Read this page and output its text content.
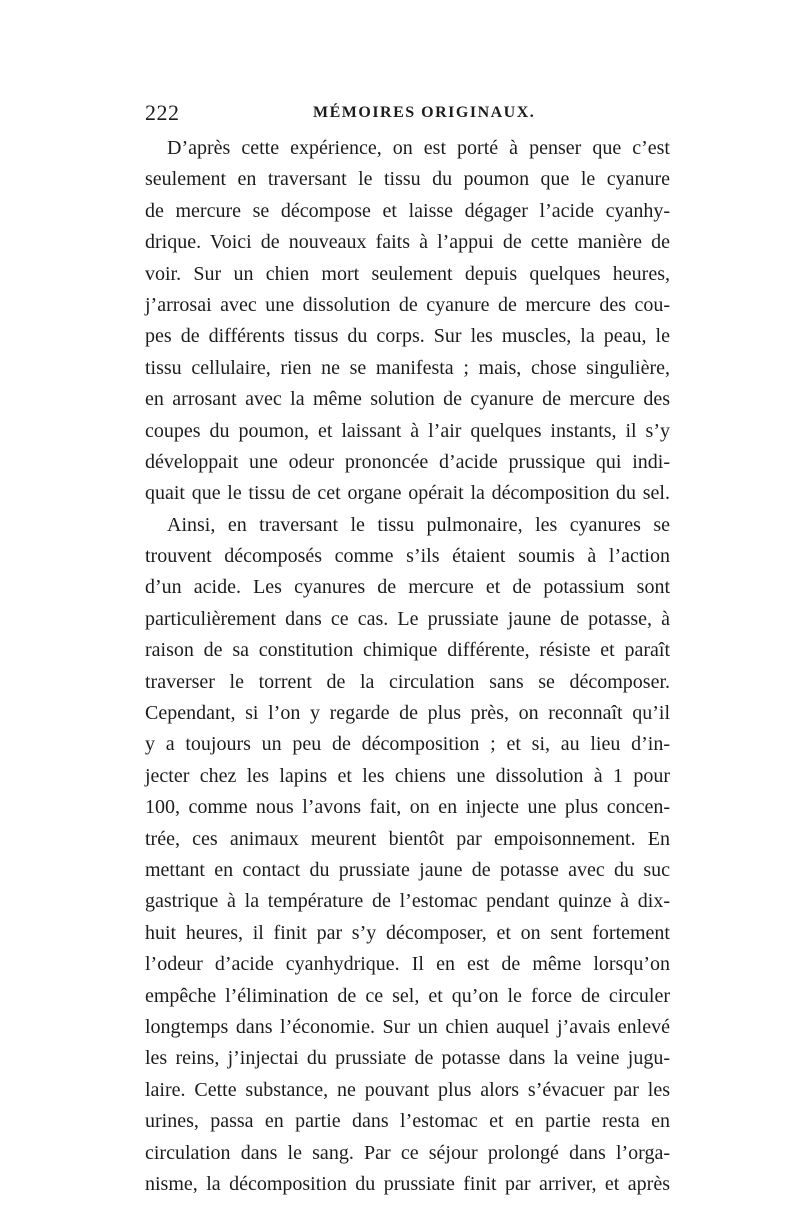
222	MÉMOIRES ORIGINAUX.
D’après cette expérience, on est porté à penser que c’est
seulement en traversant le tissu du poumon que le cyanure
de mercure se décompose et laisse dégager l’acide cyanhy-
drique. Voici de nouveaux faits à l’appui de cette manière de
voir. Sur un chien mort seulement depuis quelques heures,
j’arrosai avec une dissolution de cyanure de mercure des cou-
pes de différents tissus du corps. Sur les muscles, la peau, le
tissu cellulaire, rien ne se manifesta ; mais, chose singulière,
en arrosant avec la même solution de cyanure de mercure des
coupes du poumon, et laissant à l’air quelques instants, il s’y
développait une odeur prononcée d’acide prussique qui indi-
quait que le tissu de cet organe opérait la décomposition du sel.
Ainsi, en traversant le tissu pulmonaire, les cyanures se
trouvent décomposés comme s’ils étaient soumis à l’action
d’un acide. Les cyanures de mercure et de potassium sont
particulièrement dans ce cas. Le prussiate jaune de potasse, à
raison de sa constitution chimique différente, résiste et paraît
traverser le torrent de la circulation sans se décomposer.
Cependant, si l’on y regarde de plus près, on reconnaît qu’il
y a toujours un peu de décomposition ; et si, au lieu d’in-
jecter chez les lapins et les chiens une dissolution à 1 pour
100, comme nous l’avons fait, on en injecte une plus concen-
trée, ces animaux meurent bientôt par empoisonnement. En
mettant en contact du prussiate jaune de potasse avec du suc
gastrique à la température de l’estomac pendant quinze à dix-
huit heures, il finit par s’y décomposer, et on sent fortement
l’odeur d’acide cyanhydrique. Il en est de même lorsqu’on
empêche l’élimination de ce sel, et qu’on le force de circuler
longtemps dans l’économie. Sur un chien auquel j’avais enlevé
les reins, j’injectai du prussiate de potasse dans la veine jugu-
laire. Cette substance, ne pouvant plus alors s’évacuer par les
urines, passa en partie dans l’estomac et en partie resta en
circulation dans le sang. Par ce séjour prolongé dans l’orga-
nisme, la décomposition du prussiate finit par arriver, et après
